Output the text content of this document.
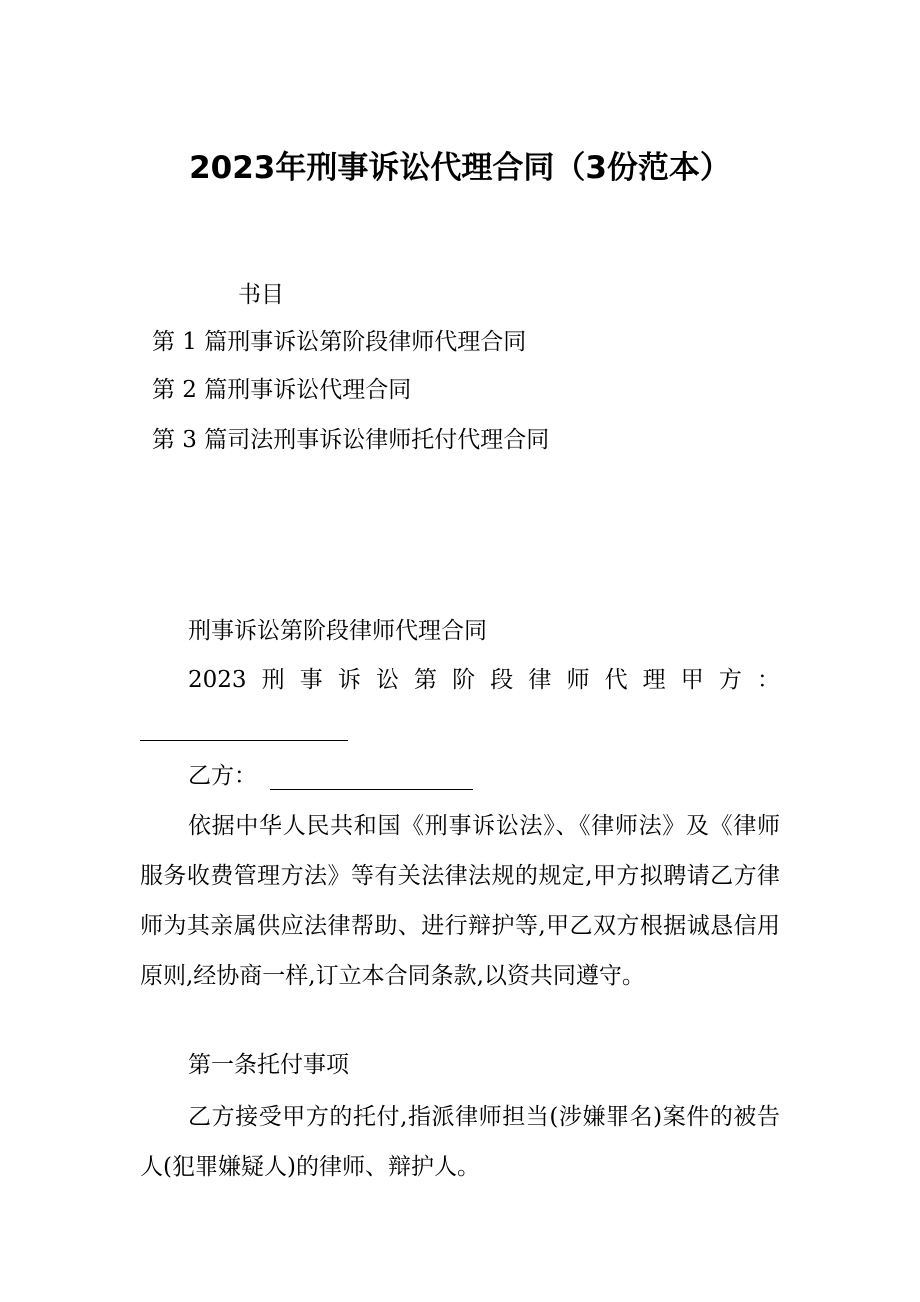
2023年刑事诉讼代理合同（3份范本）
书目
第 1 篇刑事诉讼第阶段律师代理合同
第 2 篇刑事诉讼代理合同
第 3 篇司法刑事诉讼律师托付代理合同
刑事诉讼第阶段律师代理合同
2023刑事诉讼第阶段律师代理甲方：
乙方：

依据中华人民共和国《刑事诉讼法》、《律师法》及《律师服务收费管理方法》等有关法律法规的规定,甲方拟聘请乙方律师为其亲属供应法律帮助、进行辩护等,甲乙双方根据诚恳信用原则,经协商一样,订立本合同条款,以资共同遵守。

第一条托付事项

乙方接受甲方的托付,指派律师担当(涉嫌罪名)案件的被告人(犯罪嫌疑人)的律师、辩护人。
